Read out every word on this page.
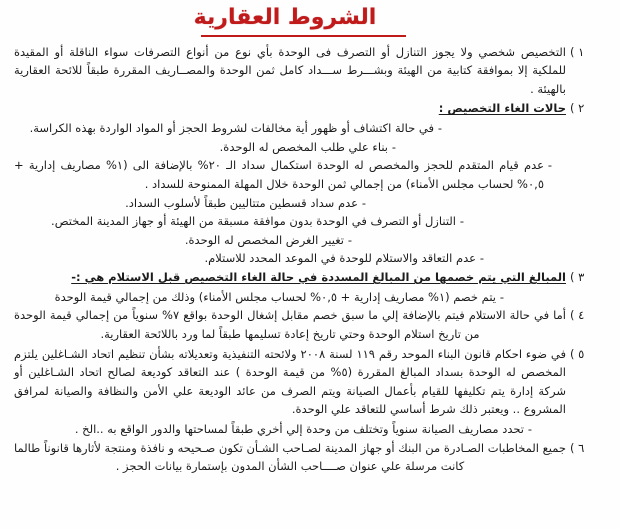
الشروط العقارية
١ )
التخصيص شخصي ولا يجوز التنازل أو التصرف فى الوحدة بأي نوع من أنواع التصرفات سواء الناقلة أو المقيدة للملكية إلا بموافقة كتابية من الهيئة وبشـــرط ســـداد كامل ثمن الوحدة والمصــاريف المقررة طبقاً للائحة العقارية بالهيئة .
٢ )
حالات الغاء التخصيص :
-
في حالة اكتشاف أو ظهور أية مخالفات لشروط الحجز أو المواد الواردة بهذه الكراسة.
-
بناء علي طلب المخصص له الوحدة.
-
عدم قيام المتقدم للحجز والمخصص له الوحدة استكمال سداد الـ ٢٠% بالإضافة الى (١% مصاريف إدارية + ٠,٥% لحساب مجلس الأمناء) من إجمالي ثمن الوحدة خلال المهلة الممنوحة للسداد .
-
عدم سداد قسطين متتاليين طبقاً لأسلوب السداد.
-
التنازل أو التصرف في الوحدة بدون موافقة مسبقة من الهيئة أو جهاز المدينة المختص.
-
تغيير الغرض المخصص له الوحدة.
-
عدم التعاقد والاستلام للوحدة في الموعد المحدد للاستلام.
٣ )
المبالغ التي يتم خصمها من المبالغ المسددة في حالة الغاء التخصيص قبل الاستلام هي :-
-
يتم خصم (١% مصاريف إدارية + ٠,٥% لحساب مجلس الأمناء) وذلك من إجمالي قيمة الوحدة
٤ )
أما في حالة الاستلام فيتم بالإضافة إلي ما سبق خصم مقابل إشغال الوحدة بواقع ٧% سنوياً من إجمالي قيمة الوحدة من تاريخ استلام الوحدة وحتي تاريخ إعادة تسليمها طبقاً لما ورد باللائحة العقارية.
٥ )
في ضوء احكام قانون البناء الموحد رقم ١١٩ لسنة ٢٠٠٨ ولائحته التنفيذية وتعديلاته بشأن تنظيم اتحاد الشـاغلين يلتزم المخصص له الوحدة بسداد المبالغ المقررة (٥% من قيمة الوحدة ) عند التعاقد كوديعة لصالح اتحاد الشـاغلين أو شركة إدارة يتم تكليفها للقيام بأعمال الصيانة ويتم الصرف من عائد الوديعة علي الأمن والنظافة والصيانة لمرافق المشروع .. ويعتبر ذلك شرط أساسي للتعاقد علي الوحدة.
-
تحدد مصاريف الصيانة سنوياً وتختلف من وحدة إلي أخري طبقاً لمساحتها والدور الواقع به ..الخ .
٦ )
جميع المخاطبات الصـادرة من البنك أو جهاز المدينة لصـاحب الشـأن تكون صـحيحه و نافذة ومنتجة لأثارها قانوناً طالما كانت مرسلة علي عنوان صــــاحب الشأن المدون بإستمارة بيانات الحجز .
